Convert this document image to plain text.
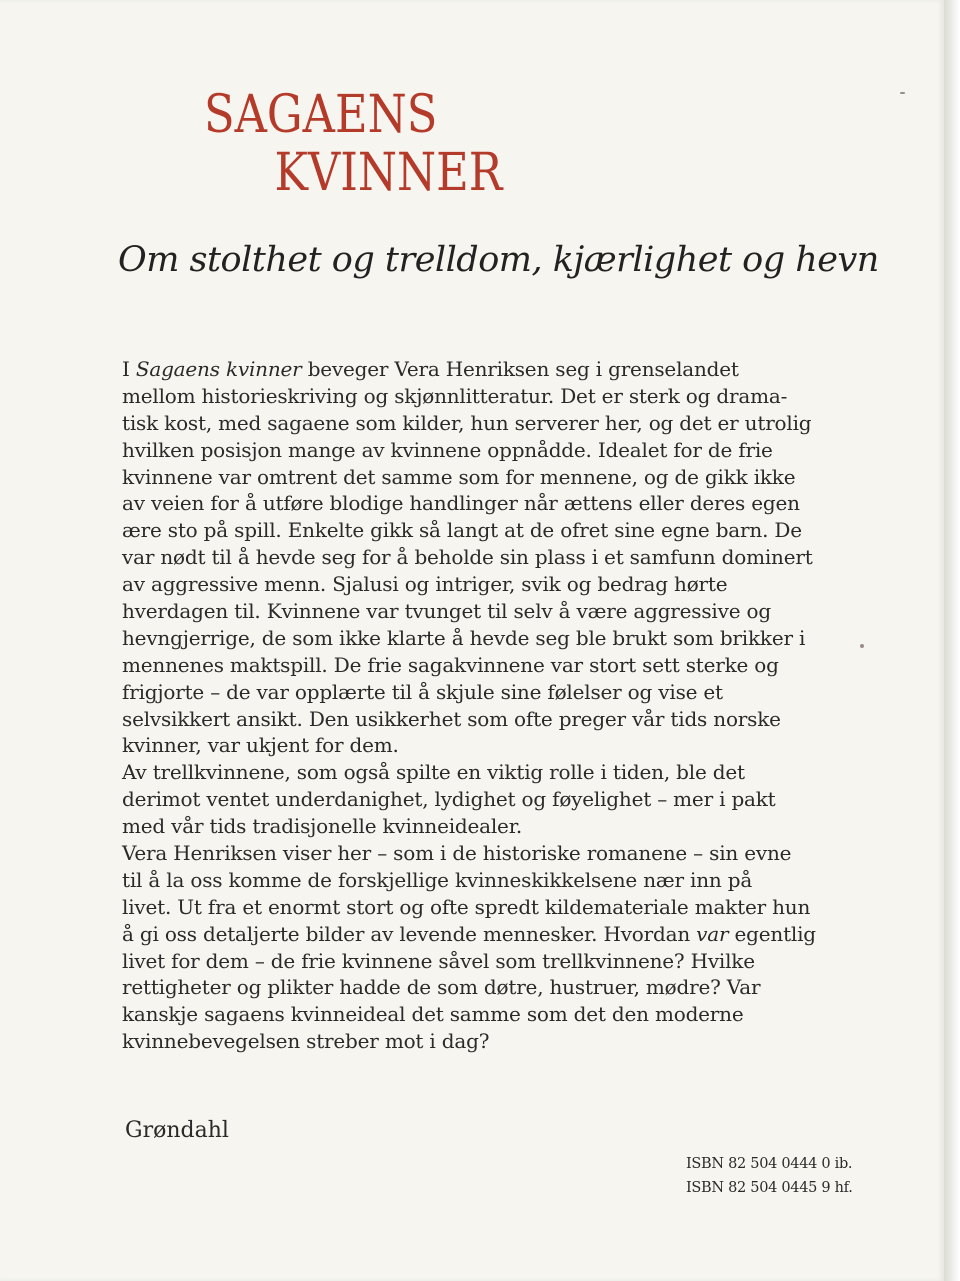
SAGAENS
KVINNER
Om stolthet og trelldom, kjærlighet og hevn
I Sagaens kvinner beveger Vera Henriksen seg i grenselandet
mellom historieskriving og skjønnlitteratur. Det er sterk og drama-
tisk kost, med sagaene som kilder, hun serverer her, og det er utrolig
hvilken posisjon mange av kvinnene oppnådde. Idealet for de frie
kvinnene var omtrent det samme som for mennene, og de gikk ikke
av veien for å utføre blodige handlinger når ættens eller deres egen
ære sto på spill. Enkelte gikk så langt at de ofret sine egne barn. De
var nødt til å hevde seg for å beholde sin plass i et samfunn dominert
av aggressive menn. Sjalusi og intriger, svik og bedrag hørte
hverdagen til. Kvinnene var tvunget til selv å være aggressive og
hevngjerrige, de som ikke klarte å hevde seg ble brukt som brikker i
mennenes maktspill. De frie sagakvinnene var stort sett sterke og
frigjorte – de var opplærte til å skjule sine følelser og vise et
selvsikkert ansikt. Den usikkerhet som ofte preger vår tids norske
kvinner, var ukjent for dem.
Av trellkvinnene, som også spilte en viktig rolle i tiden, ble det
derimot ventet underdanighet, lydighet og føyelighet – mer i pakt
med vår tids tradisjonelle kvinneidealer.
Vera Henriksen viser her – som i de historiske romanene – sin evne
til å la oss komme de forskjellige kvinneskikkelsene nær inn på
livet. Ut fra et enormt stort og ofte spredt kildemateriale makter hun
å gi oss detaljerte bilder av levende mennesker. Hvordan var egentlig
livet for dem – de frie kvinnene såvel som trellkvinnene? Hvilke
rettigheter og plikter hadde de som døtre, hustruer, mødre? Var
kanskje sagaens kvinneideal det samme som det den moderne
kvinnebevegelsen streber mot i dag?
Grøndahl
ISBN 82 504 0444 0 ib.
ISBN 82 504 0445 9 hf.
